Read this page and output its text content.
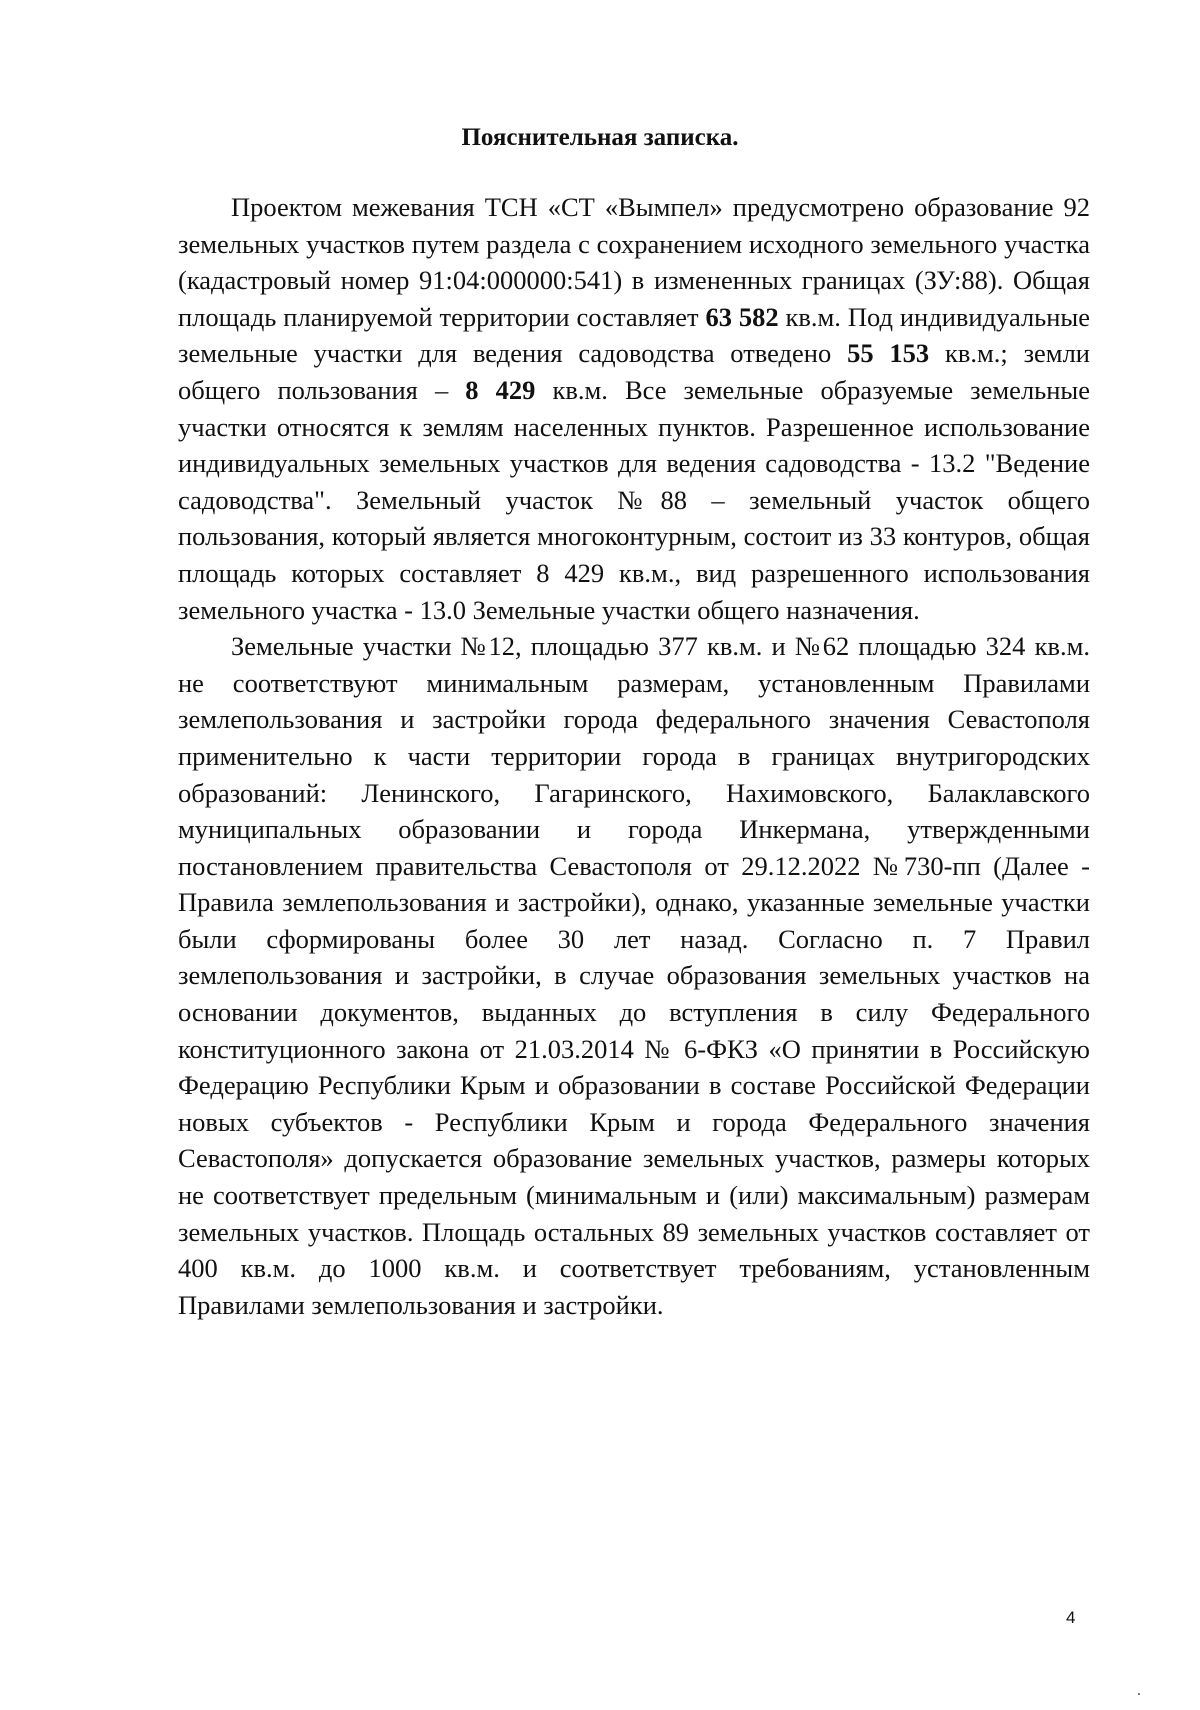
Пояснительная записка.

Проектом межевания ТСН «СТ «Вымпел» предусмотрено образование 92 земельных участков путем раздела с сохранением исходного земельного участка (кадастровый номер 91:04:000000:541) в измененных границах (ЗУ:88). Общая площадь планируемой территории составляет 63 582 кв.м. Под индивидуальные земельные участки для ведения садоводства отведено 55 153 кв.м.; земли общего пользования – 8 429 кв.м. Все земельные образуемые земельные участки относятся к землям населенных пунктов. Разрешенное использование индивидуальных земельных участков для ведения садоводства - 13.2 "Ведение садоводства". Земельный участок №88 – земельный участок общего пользования, который является многоконтурным, состоит из 33 контуров, общая площадь которых составляет 8 429 кв.м., вид разрешенного использования земельного участка - 13.0 Земельные участки общего назначения.

Земельные участки №12, площадью 377 кв.м. и №62 площадью 324 кв.м. не соответствуют минимальным размерам, установленным Правилами землепользования и застройки города федерального значения Севастополя применительно к части территории города в границах внутригородских образований: Ленинского, Гагаринского, Нахимовского, Балаклавского муниципальных образовании и города Инкермана, утвержденными постановлением правительства Севастополя от 29.12.2022 №730-пп (Далее - Правила землепользования и застройки), однако, указанные земельные участки были сформированы более 30 лет назад. Согласно п. 7 Правил землепользования и застройки, в случае образования земельных участков на основании документов, выданных до вступления в силу Федерального конституционного закона от 21.03.2014 № 6-ФКЗ «О принятии в Российскую Федерацию Республики Крым и образовании в составе Российской Федерации новых субъектов - Республики Крым и города Федерального значения Севастополя» допускается образование земельных участков, размеры которых не соответствует предельным (минимальным и (или) максимальным) размерам земельных участков. Площадь остальных 89 земельных участков составляет от 400 кв.м. до 1000 кв.м. и соответствует требованиям, установленным Правилами землепользования и застройки.

4
